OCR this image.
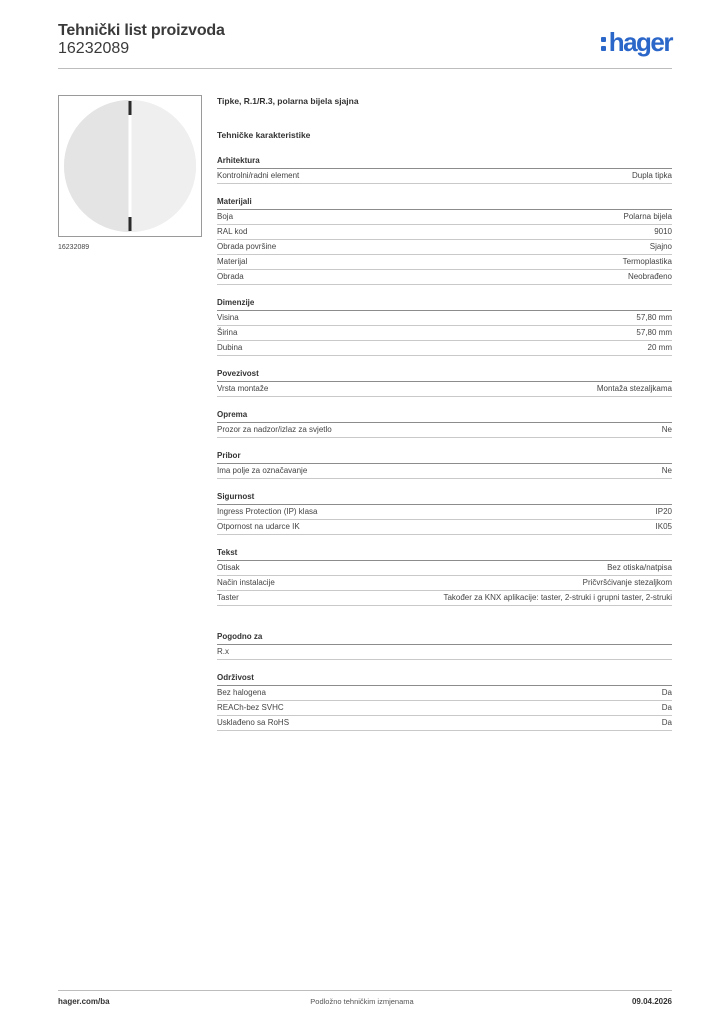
Tehnički list proizvoda
16232089	hager
16232089
Tipke, R.1/R.3, polarna bijela sjajna
Tehničke karakteristike
Arhitektura
Kontrolni/radni element	Dupla tipka
Materijali
Boja	Polarna bijela
RAL kod	9010
Obrada površine	Sjajno
Materijal	Termoplastika
Obrada	Neobrađeno
Dimenzije
Visina	57,80 mm
Širina	57,80 mm
Dubina	20 mm
Povezivost
Vrsta montaže	Montaža stezaljkama
Oprema
Prozor za nadzor/izlaz za svjetlo	Ne
Pribor
Ima polje za označavanje	Ne
Sigurnost
Ingress Protection (IP) klasa	IP20
Otpornost na udarce IK	IK05
Tekst
Otisak	Bez otiska/natpisa
Način instalacije	Pričvršćivanje stezaljkom
Taster	Također za KNX aplikacije: taster, 2-struki i grupni taster, 2-struki
Pogodno za
R.x
Održivost
Bez halogena	Da
REACh-bez SVHC	Da
Usklađeno sa RoHS	Da
hager.com/ba	Podložno tehničkim izmjenama	09.04.2026
